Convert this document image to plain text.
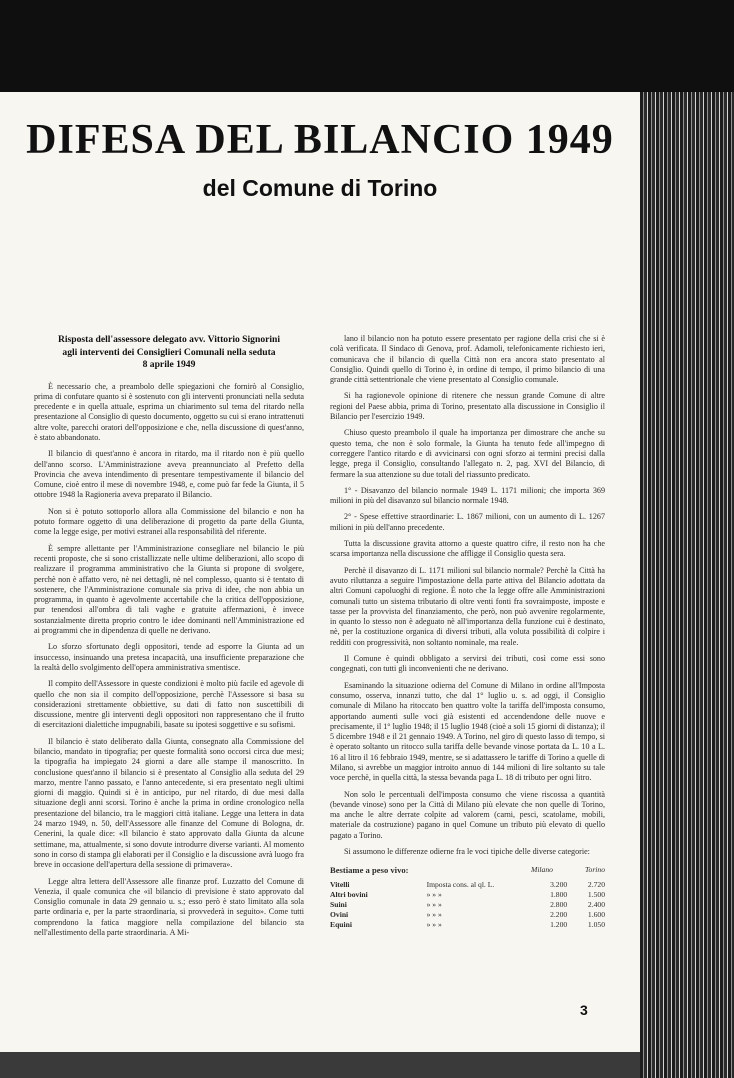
DIFESA DEL BILANCIO 1949
del Comune di Torino
Risposta dell'assessore delegato avv. Vittorio Signorini
agli interventi dei Consiglieri Comunali nella seduta
8 aprile 1949

È necessario che, a preambolo delle spiegazioni che fornirò al Consiglio, prima di confutare quanto si è sostenuto con gli interventi pronunciati nella seduta precedente e in quella attuale, esprima un chiarimento sul tema del ritardo nella presentazione al Consiglio di questo documento, oggetto su cui si erano intrattenuti altre volte, parecchi oratori dell'opposizione e che, nella discussione di quest'anno, è stato abbandonato.

Il bilancio di quest'anno è ancora in ritardo, ma il ritardo non è più quello dell'anno scorso. L'Amministrazione aveva preannunciato al Prefetto della Provincia che aveva intendimento di presentare tempestivamente il bilancio del Comune, cioè entro il mese di novembre 1948, e, come può far fede la Giunta, il 5 ottobre 1948 la Ragioneria aveva preparato il Bilancio.

Non si è potuto sottoporlo allora alla Commissione del bilancio e non ha potuto formare oggetto di una deliberazione di progetto da parte della Giunta, come la legge esige, per motivi estranei alla responsabilità del riferente.

È sempre allettante per l'Amministrazione consegliare nel bilancio le più recenti proposte, che si sono cristallizzate nelle ultime deliberazioni, allo scopo di realizzare il programma amministrativo che la Giunta si propone di svolgere, perchè non è affatto vero, nè nei dettagli, nè nel complesso, quanto si è tentato di sostenere, che l'Amministrazione comunale sia priva di idee, che non abbia un programma, in quanto è agevolmente accertabile che la critica dell'opposizione, pur tenendosi all'ombra di tali vaghe e gratuite affermazioni, è invece sostanzialmente diretta proprio contro le idee dominanti nell'Amministrazione ed ai programmi che in dipendenza di quelle ne derivano.

Lo sforzo sfortunato degli oppositori, tende ad esporre la Giunta ad un insuccesso, insinuando una pretesa incapacità, una insufficiente preparazione che la realtà dello svolgimento dell'opera amministrativa smentisce.

Il compito dell'Assessore in queste condizioni è molto più facile ed agevole di quello che non sia il compito dell'opposizione, perchè l'Assessore si basa su considerazioni strettamente obbiettive, su dati di fatto non suscettibili di discussione, mentre gli interventi degli oppositori non rappresentano che il frutto di esercitazioni dialettiche impugnabili, basate su ipotesi soggettive e su sofismi.

Il bilancio è stato deliberato dalla Giunta, consegnato alla Commissione del bilancio, mandato in tipografia; per queste formalità sono occorsi circa due mesi; la tipografia ha impiegato 24 giorni a dare alle stampe il manoscritto. In conclusione quest'anno il bilancio si è presentato al Consiglio alla seduta del 29 marzo, mentre l'anno passato, e l'anno antecedente, si era presentato negli ultimi giorni di maggio. Quindi si è in anticipo, pur nel ritardo, di due mesi dalla situazione degli anni scorsi. Torino è anche la prima in ordine cronologico nella presentazione del bilancio, tra le maggiori città italiane. Legge una lettera in data 24 marzo 1949, n. 50, dell'Assessore alle finanze del Comune di Bologna, dr. Cenerini, la quale dice: «Il bilancio è stato approvato dalla Giunta da alcune settimane, ma, attualmente, si sono dovute introdurre diverse varianti. Al momento sono in corso di stampa gli elaborati per il Consiglio e la discussione avrà luogo fra breve in occasione dell'apertura della sessione di primavera».

Legge altra lettera dell'Assessore alle finanze prof. Luzzatto del Comune di Venezia, il quale comunica che «il bilancio di previsione è stato approvato dal Consiglio comunale in data 29 gennaio u. s.; esso però è stato limitato alla sola parte ordinaria e, per la parte straordinaria, si provvederà in seguito». Come tutti comprendono la fatica maggiore nella compilazione del bilancio sta nell'allestimento della parte straordinaria. A Mi-

lano il bilancio non ha potuto essere presentato per ragione della crisi che si è colà verificata. Il Sindaco di Genova, prof. Adamoli, telefonicamente richiesto ieri, comunicava che il bilancio di quella Città non era ancora stato presentato al Consiglio. Quindi quello di Torino è, in ordine di tempo, il primo bilancio di una grande città settentrionale che viene presentato al Consiglio comunale.

Si ha ragionevole opinione di ritenere che nessun grande Comune di altre regioni del Paese abbia, prima di Torino, presentato alla discussione in Consiglio il Bilancio per l'esercizio 1949.

Chiuso questo preambolo il quale ha importanza per dimostrare che anche su questo tema, che non è solo formale, la Giunta ha tenuto fede all'impegno di correggere l'antico ritardo e di avvicinarsi con ogni sforzo ai termini precisi dalla legge, prega il Consiglio, consultando l'allegato n. 2, pag. XVI del Bilancio, di fermare la sua attenzione su due totali del riassunto predicato.

1° - Disavanzo del bilancio normale 1949 L. 1171 milioni; che importa 369 milioni in più del disavanzo sul bilancio normale 1948.

2° - Spese effettive straordinarie: L. 1867 milioni, con un aumento di L. 1267 milioni in più dell'anno precedente.

Tutta la discussione gravita attorno a queste quattro cifre, il resto non ha che scarsa importanza nella discussione che affligge il Consiglio questa sera.

Perchè il disavanzo di L. 1171 milioni sul bilancio normale? Perchè la Città ha avuto riluttanza a seguire l'impostazione della parte attiva del Bilancio adottata da altri Comuni capoluoghi di regione. È noto che la legge offre alle Amministrazioni comunali tutto un sistema tributario di oltre venti fonti fra sovraimposte, imposte e tasse per la provvista del finanziamento, che però, non può avvenire regolarmente, in quanto lo stesso non è adeguato nè all'importanza della funzione cui è destinato, nè, per la costituzione organica di diversi tributi, alla voluta possibilità di colpire i redditi con progressività, non soltanto nominale, ma reale.

Il Comune è quindi obbligato a servirsi dei tributi, così come essi sono congegnati, con tutti gli inconvenienti che ne derivano.

Esaminando la situazione odierna del Comune di Milano in ordine all'Imposta consumo, osserva, innanzi tutto, che dal 1° luglio u. s. ad oggi, il Consiglio comunale di Milano ha ritoccato ben quattro volte la tariffa dell'imposta consumo, apportando aumenti sulle voci già esistenti ed accendendone delle nuove e precisamente, il 1° luglio 1948; il 15 luglio 1948 (cioè a soli 15 giorni di distanza); il 5 dicembre 1948 e il 21 gennaio 1949. A Torino, nel giro di questo lasso di tempo, si è operato soltanto un ritocco sulla tariffa delle bevande vinose portata da L. 10 a L. 16 al litro il 16 febbraio 1949, mentre, se si adattassero le tariffe di Torino a quelle di Milano, si avrebbe un maggior introito annuo di 144 milioni di lire soltanto su tale voce perchè, in quella città, la stessa bevanda paga L. 18 di tributo per ogni litro.

Non solo le percentuali dell'imposta consumo che viene riscossa a quantità (bevande vinose) sono per la Città di Milano più elevate che non quelle di Torino, ma anche le altre derrate colpite ad valorem (carni, pesci, scatolame, mobili, materiale da costruzione) pagano in quel Comune un tributo più elevato di quello pagato a Torino.

Si assumono le differenze odierne fra le voci tipiche delle diverse categorie:

Bestiame a peso vivo:	Milano	Torino
Vitelli	Imposta cons. al ql. L.	3.200	2.720
Altri bovini	» » »	1.800	1.500
Suini	» » »	2.800	2.400
Ovini	» » »	2.200	1.600
Equini	» » »	1.200	1.050
3
